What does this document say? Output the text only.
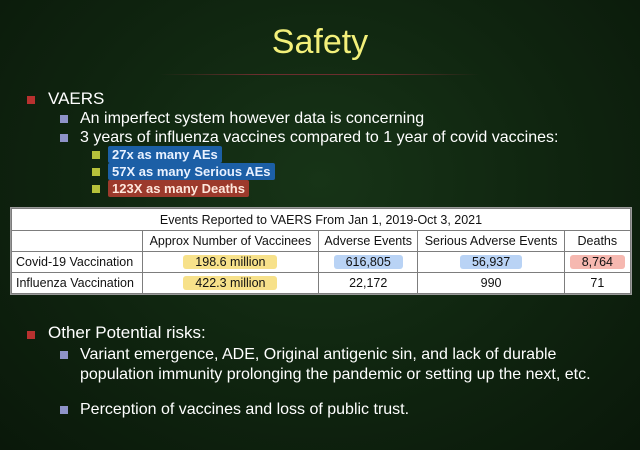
Safety
VAERS
An imperfect system however data is concerning
3 years of influenza vaccines compared to 1 year of covid vaccines:
27x as many AEs
57X as many Serious AEs
123X as many Deaths
Events Reported to VAERS From Jan 1, 2019-Oct 3, 2021				
	Approx Number of Vaccinees	Adverse Events	Serious Adverse Events	Deaths
Covid-19 Vaccination	198.6 million	616,805	56,937	8,764
Influenza Vaccination	422.3 million	22,172	990	71
Other Potential risks:
Variant emergence, ADE, Original antigenic sin, and lack of durable
population immunity prolonging the pandemic or setting up the next, etc.
Perception of vaccines and loss of public trust.
